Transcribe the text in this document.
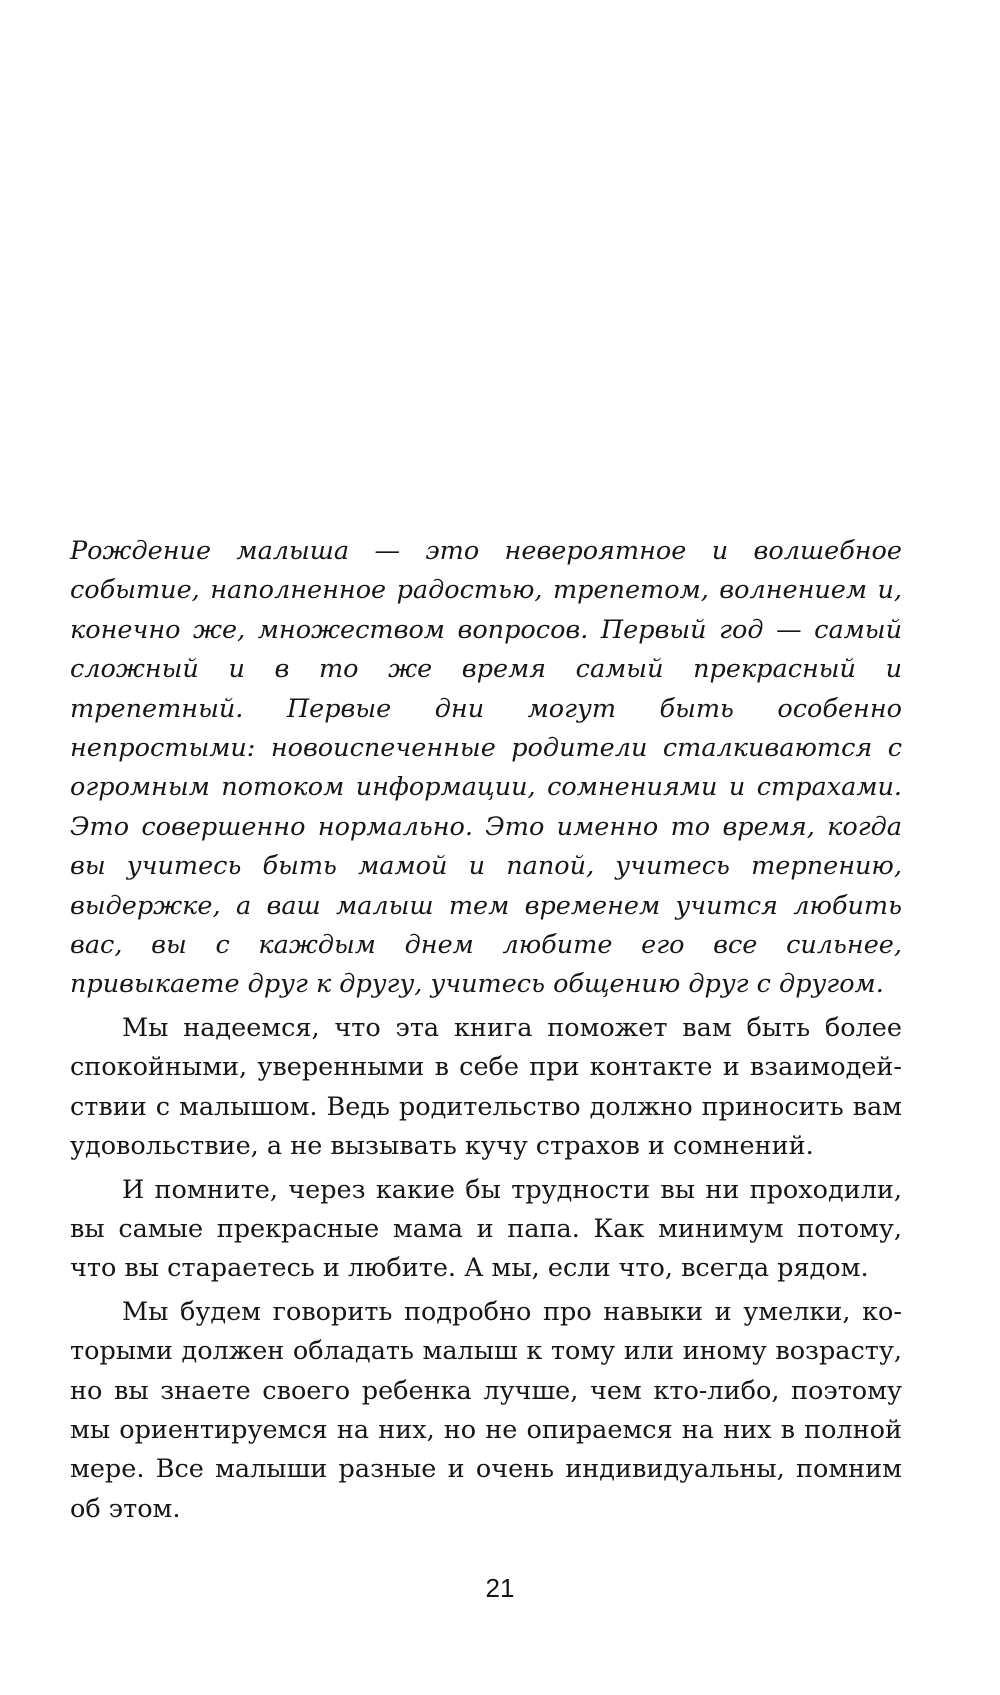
Рождение малыша — это невероятное и волшебное событие, наполненное радостью, трепетом, волнением и, конечно же, множеством вопросов. Первый год — самый сложный и в то же время самый прекрасный и трепетный. Первые дни могут быть особенно непростыми: новоиспеченные родители сталкиваются с огромным потоком информации, сомнениями и страхами. Это совершенно нормально. Это именно то время, когда вы учитесь быть мамой и папой, учитесь терпению, выдержке, а ваш малыш тем временем учится любить вас, вы с каждым днем любите его все сильнее, привыкаете друг к другу, учитесь общению друг с другом.

Мы надеемся, что эта книга поможет вам быть более спокойными, уверенными в себе при контакте и взаимодействии с малышом. Ведь родительство должно приносить вам удовольствие, а не вызывать кучу страхов и сомнений.

И помните, через какие бы трудности вы ни проходили, вы самые прекрасные мама и папа. Как минимум потому, что вы стараетесь и любите. А мы, если что, всегда рядом.

Мы будем говорить подробно про навыки и умелки, которыми должен обладать малыш к тому или иному возрасту, но вы знаете своего ребенка лучше, чем кто-либо, поэтому мы ориентируемся на них, но не опираемся на них в полной мере. Все малыши разные и очень индивидуальны, помним об этом.

21
